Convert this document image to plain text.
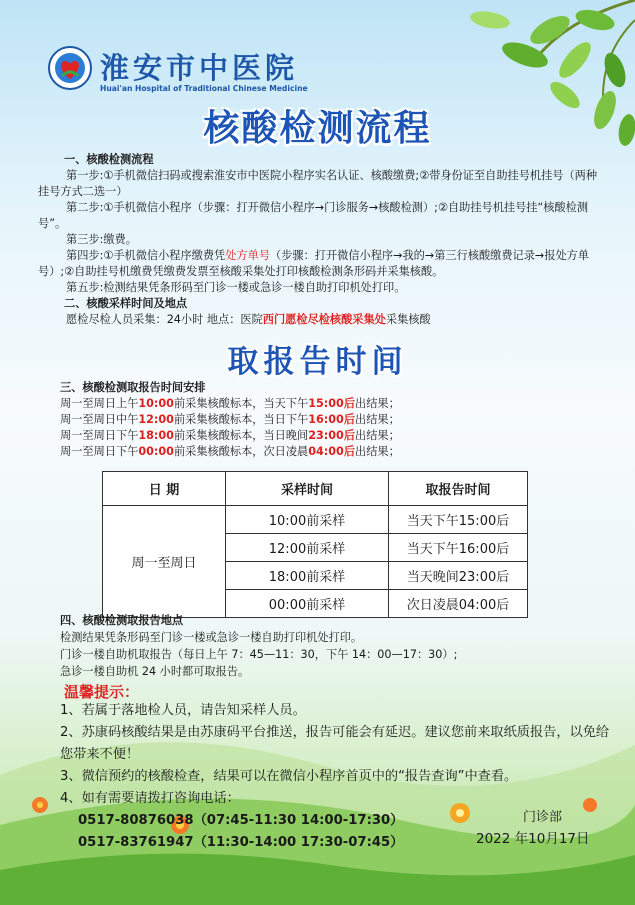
淮安市中医院
Huai'an Hospital of Traditional Chinese Medicine
核酸检测流程

一、核酸检测流程

第一步:①手机微信扫码或搜索淮安市中医院小程序实名认证、核酸缴费;②带身份证至自助挂号机挂号（两种挂号方式二选一）

第二步:①手机微信小程序（步骤：打开微信小程序→门诊服务→核酸检测）;②自助挂号机挂号挂“核酸检测号”。

第三步:缴费。

第四步:①手机微信小程序缴费凭处方单号（步骤：打开微信小程序→我的→第三行核酸缴费记录→报处方单号）;②自助挂号机缴费凭缴费发票至核酸采集处打印核酸检测条形码并采集核酸。

第五步:检测结果凭条形码至门诊一楼或急诊一楼自助打印机处打印。

二、核酸采样时间及地点

愿检尽检人员采集：24小时 地点：医院西门愿检尽检核酸采集处采集核酸

取报告时间

三、核酸检测取报告时间安排

周一至周日上午10:00前采集核酸标本，当天下午15:00后出结果；

周一至周日中午12:00前采集核酸标本，当日下午16:00后出结果；

周一至周日下午18:00前采集核酸标本，当日晚间23:00后出结果；

周一至周日下午00:00前采集核酸标本，次日凌晨04:00后出结果；

日 期	采样时间	取报告时间
周一至周日	10:00前采样	当天下午15:00后
	12:00前采样	当天下午16:00后
	18:00前采样	当天晚间23:00后
	00:00前采样	次日凌晨04:00后

四、核酸检测取报告地点

检测结果凭条形码至门诊一楼或急诊一楼自助打印机处打印。

门诊一楼自助机取报告（每日上午 7：45—11：30，下午 14：00—17：30）;

急诊一楼自助机 24 小时都可取报告。

温馨提示：

1、若属于落地检人员，请告知采样人员。

2、苏康码核酸结果是由苏康码平台推送，报告可能会有延迟。建议您前来取纸质报告，以免给您带来不便！

3、微信预约的核酸检查，结果可以在微信小程序首页中的“报告查询”中查看。

4、如有需要请拨打咨询电话：

0517-80876038（07:45-11:30 14:00-17:30）

0517-83761947（11:30-14:00 17:30-07:45）

门诊部
2022 年10月17日
